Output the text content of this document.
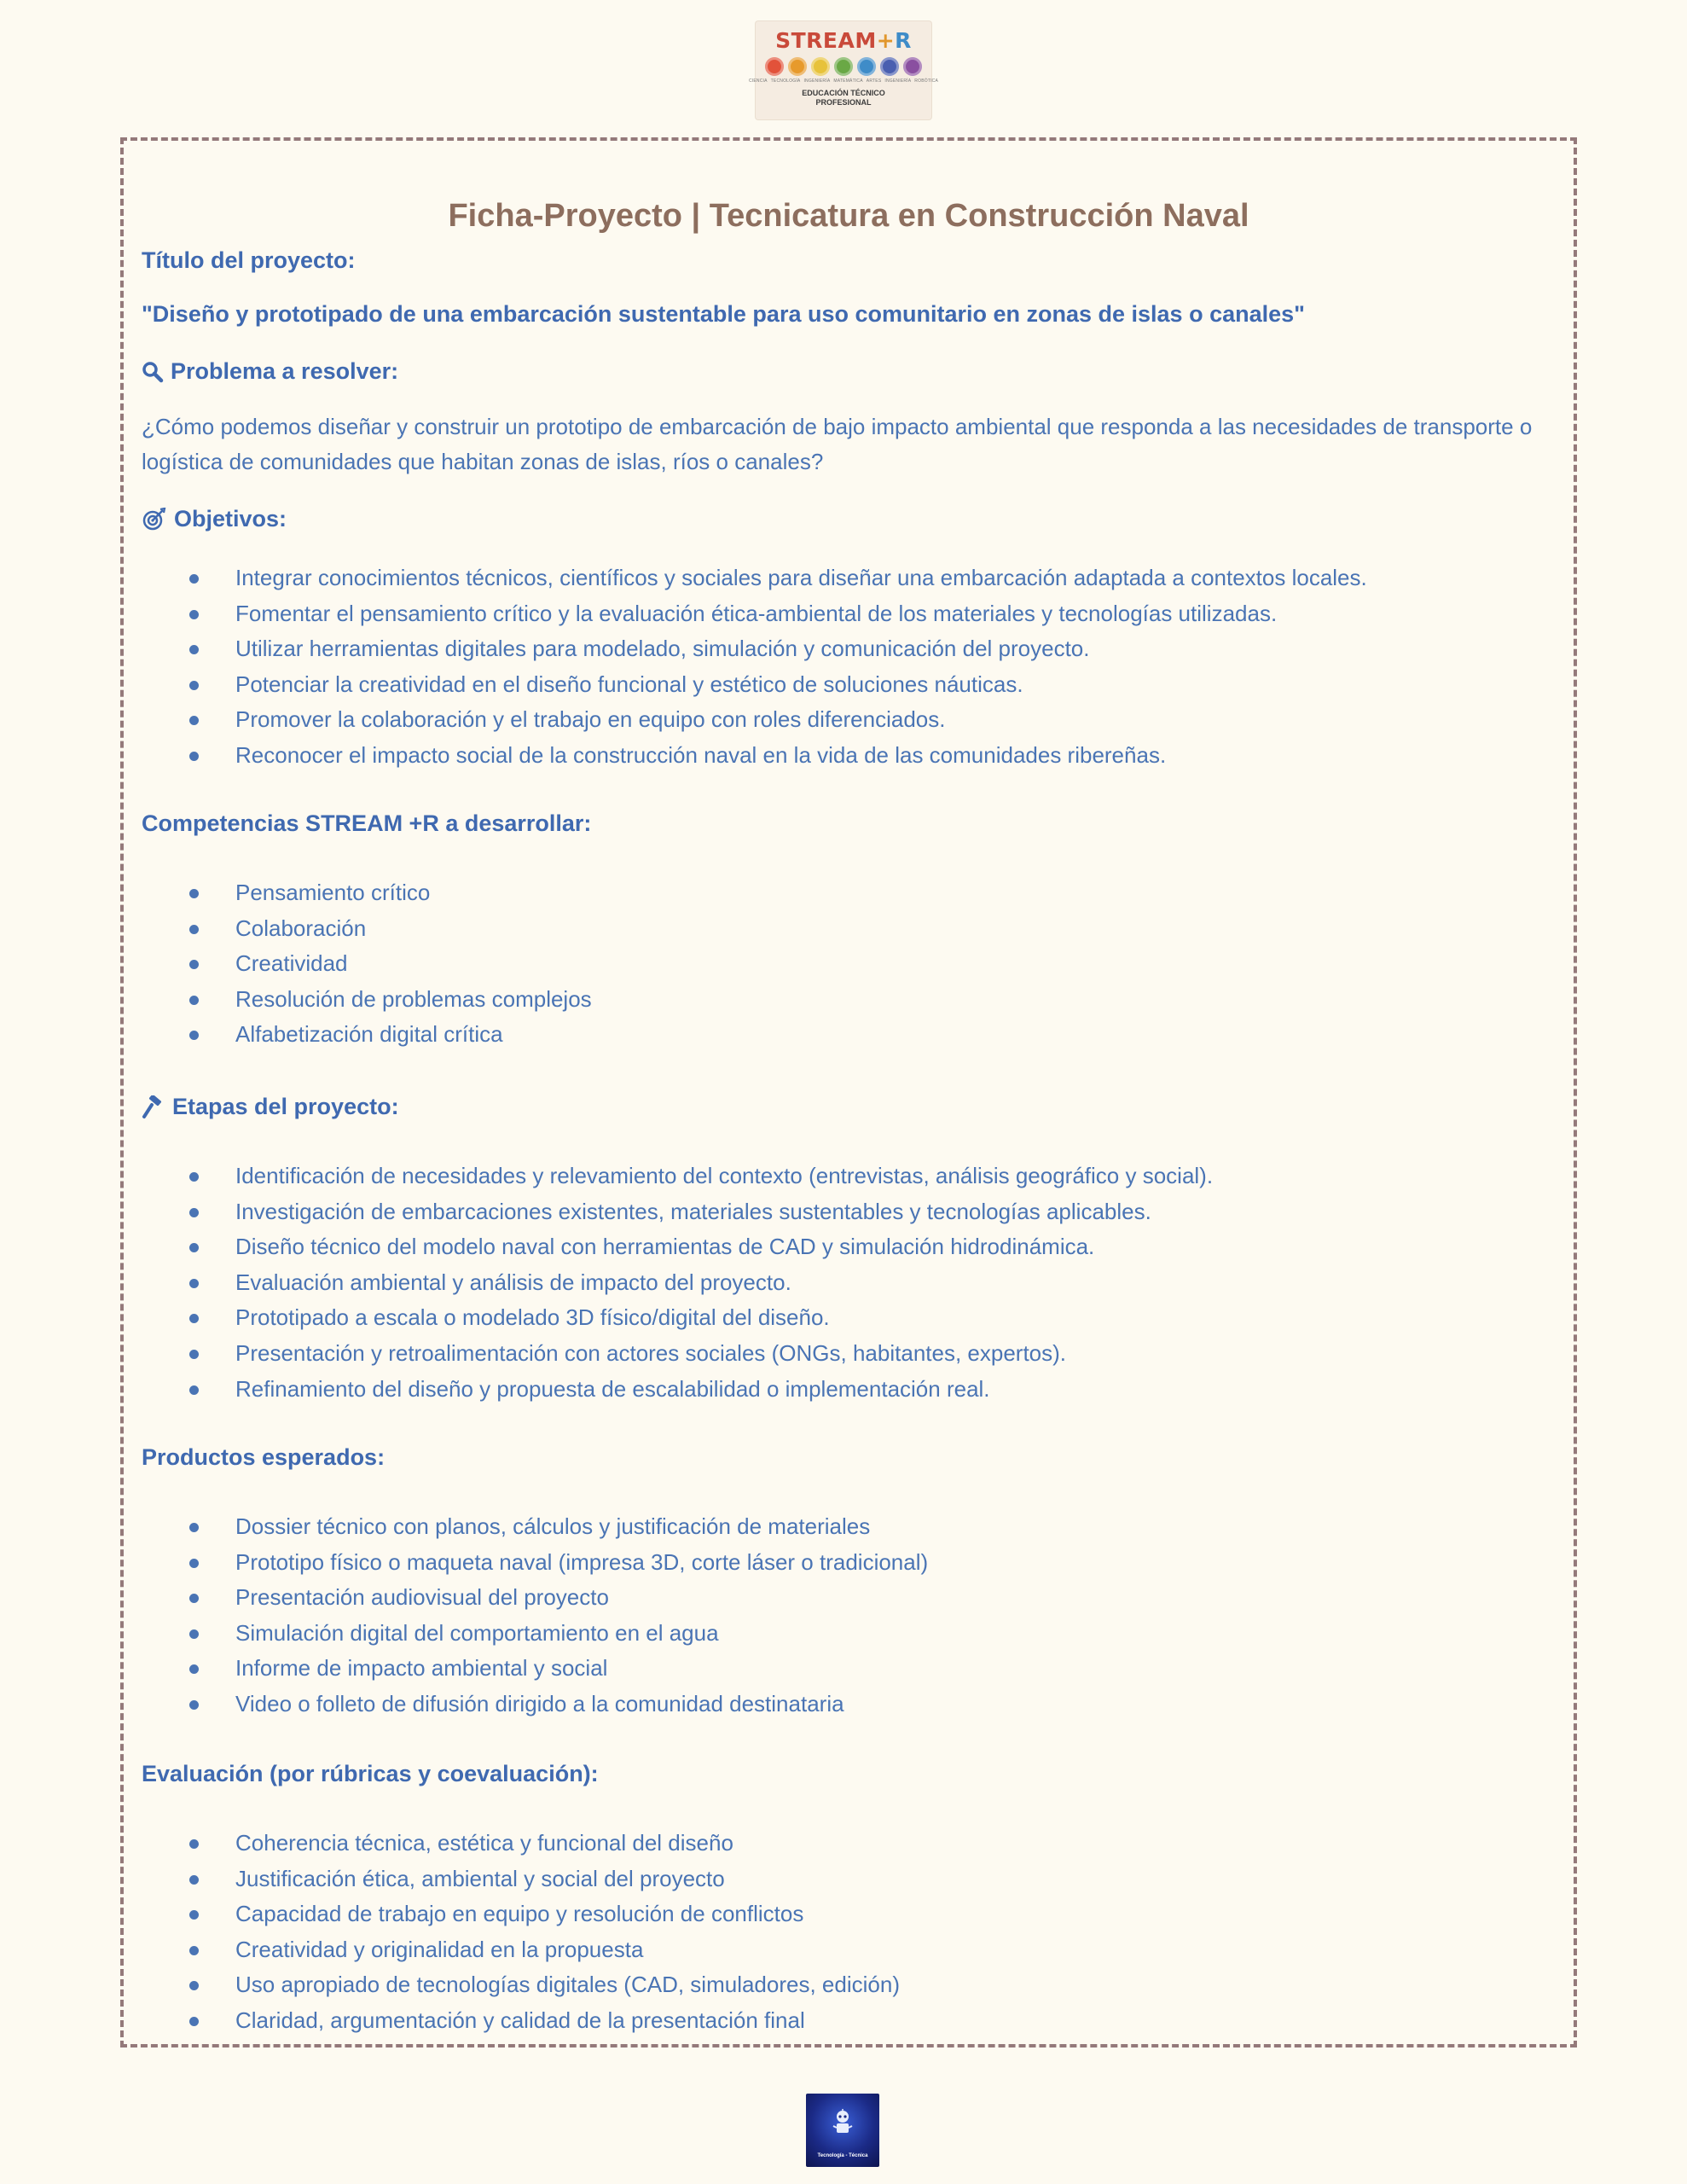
STREAM+R
CIENCIA TECNOLOGÍA INGENIERÍA MATEMÁTICA ARTES INGENIERÍA ROBÓTICA
EDUCACIÓN TÉCNICO
PROFESIONAL
Ficha-Proyecto | Tecnicatura en Construcción Naval

Título del proyecto:

"Diseño y prototipado de una embarcación sustentable para uso comunitario en zonas de islas o canales"

Problema a resolver:

¿Cómo podemos diseñar y construir un prototipo de embarcación de bajo impacto ambiental que responda a las necesidades de transporte o logística de comunidades que habitan zonas de islas, ríos o canales?

Objetivos:
Integrar conocimientos técnicos, científicos y sociales para diseñar una embarcación adaptada a contextos locales.
Fomentar el pensamiento crítico y la evaluación ética-ambiental de los materiales y tecnologías utilizadas.
Utilizar herramientas digitales para modelado, simulación y comunicación del proyecto.
Potenciar la creatividad en el diseño funcional y estético de soluciones náuticas.
Promover la colaboración y el trabajo en equipo con roles diferenciados.
Reconocer el impacto social de la construcción naval en la vida de las comunidades ribereñas.

Competencias STREAM +R a desarrollar:

Pensamiento crítico
Colaboración
Creatividad
Resolución de problemas complejos
Alfabetización digital crítica
Etapas del proyecto:
Identificación de necesidades y relevamiento del contexto (entrevistas, análisis geográfico y social).
Investigación de embarcaciones existentes, materiales sustentables y tecnologías aplicables.
Diseño técnico del modelo naval con herramientas de CAD y simulación hidrodinámica.
Evaluación ambiental y análisis de impacto del proyecto.
Prototipado a escala o modelado 3D físico/digital del diseño.
Presentación y retroalimentación con actores sociales (ONGs, habitantes, expertos).
Refinamiento del diseño y propuesta de escalabilidad o implementación real.

Productos esperados:

Dossier técnico con planos, cálculos y justificación de materiales
Prototipo físico o maqueta naval (impresa 3D, corte láser o tradicional)
Presentación audiovisual del proyecto
Simulación digital del comportamiento en el agua
Informe de impacto ambiental y social
Video o folleto de difusión dirigido a la comunidad destinataria

Evaluación (por rúbricas y coevaluación):

Coherencia técnica, estética y funcional del diseño
Justificación ética, ambiental y social del proyecto
Capacidad de trabajo en equipo y resolución de conflictos
Creatividad y originalidad en la propuesta
Uso apropiado de tecnologías digitales (CAD, simuladores, edición)
Claridad, argumentación y calidad de la presentación final
Tecnología - Técnica
